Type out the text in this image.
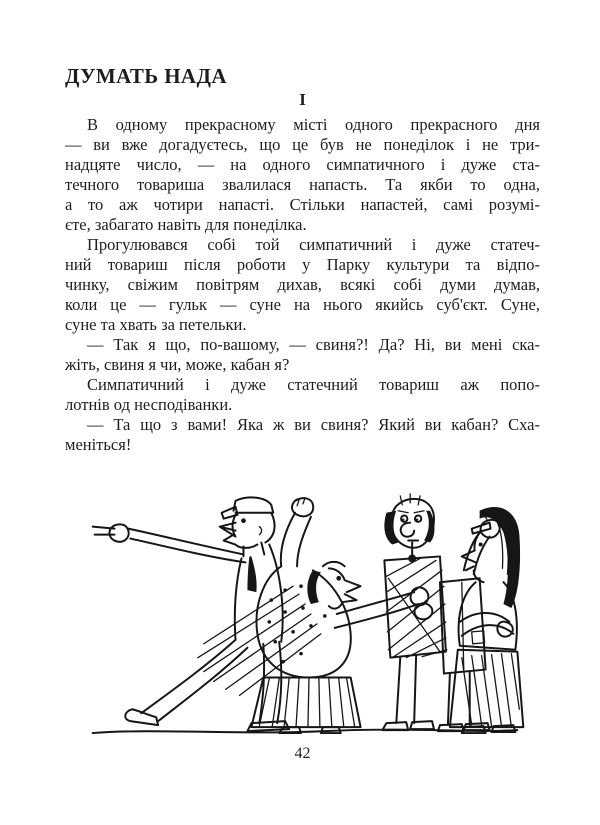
ДУМАТЬ НАДА
I
В одному прекрасному місті одного прекрасного дня
— ви вже догадуєтесь, що це був не понеділок і не три-
надцяте число, — на одного симпатичного і дуже ста-
течного товариша звалилася напасть. Та якби то одна,
а то аж чотири напасті. Стільки напастей, самі розумі-
єте, забагато навіть для понеділка.
Прогулювався собі той симпатичний і дуже статеч-
ний товариш після роботи у Парку культури та відпо-
чинку, свіжим повітрям дихав, всякі собі думи думав,
коли це — гульк — суне на нього якийсь суб'єкт. Суне,
суне та хвать за петельки.
— Так я що, по-вашому, — свиня?! Да? Ні, ви мені ска-
жіть, свиня я чи, може, кабан я?
Симпатичний і дуже статечний товариш аж попо-
лотнів од несподіванки.
— Та що з вами! Яка ж ви свиня? Який ви кабан? Сха-
меніться!
42
